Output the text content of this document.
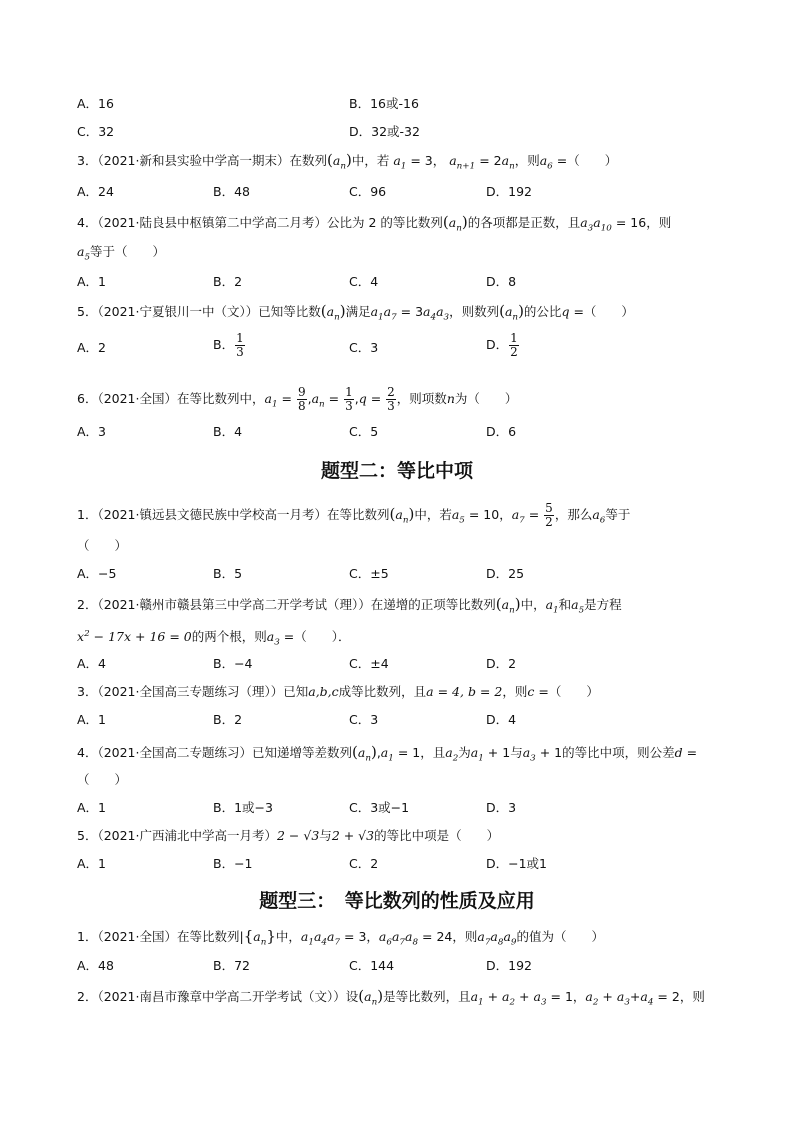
A．16	B．16或-16
C．32	D．32或-32
3．（2021·新和县实验中学高一期末）在数列$(a_n)$中，若 $a_1 = 3$， $a_{n+1} = 2a_n$，则$a_6$ =（　　）
A．24	B．48	C．96	D．192
4．（2021·陆良县中枢镇第二中学高二月考）公比为 2 的等比数列$(a_n)$的各项都是正数，且$a_3a_{10} = 16$，则
$a_5$等于（　　）
A．1	B．2	C．4	D．8
5．（2021·宁夏银川一中（文））已知等比数$(a_n)$满足$a_1a_7 = 3a_4a_3$，则数列$(a_n)$的公比q =（　　）
A．2	B． $\frac{1}{3}$	C．3	D． $\frac{1}{2}$
6．（2021·全国）在等比数列中，$a_1 = \frac{9}{8} ,a_n = \frac{1}{3} ,q = \frac{2}{3}$ ，则项数n为（　　）
A．3	B．4	C．5	D．6
题型二：等比中项
1．（2021·镇远县文德民族中学校高一月考）在等比数列$(a_n)$中，若$a_5 = 10$，$a_7 = \frac{5}{2}$ ，那么$a_6$等于
（　　）
A．−5	B．5	C．±5	D．25
2．（2021·赣州市赣县第三中学高二开学考试（理））在递增的正项等比数列$(a_n)$中，$a_1$和$a_5$是方程
$x^2 - 17x + 16 = 0$的两个根，则$a_3$ =（　　）．
A．4	B．−4	C．±4	D．2
3．（2021·全国高三专题练习（理））已知a,b,c成等比数列，且a = 4, b = 2，则c =（　　）
A．1	B．2	C．3	D．4
4．（2021·全国高二专题练习）已知递增等差数列$(a_n),a_1 = 1$，且$a_2$为$a_1 + 1$与$a_3 + 1$的等比中项，则公差d =
（　　）
A．1	B．1或−3	C．3或−1	D．3
5．（2021·广西浦北中学高一月考）2 − √3与2 + √3的等比中项是（　　）
A．1	B．−1	C．2	D．−1或1
题型三：　等比数列的性质及应用
1．（2021·全国）在等比数列$|\{a_n\}$中，$a_1a_4a_7 = 3$，$a_6a_7a_8 = 24$，则$a_7a_8a_9$的值为（　　）
A．48	B．72	C．144	D．192
2．（2021·南昌市豫章中学高二开学考试（文））设$(a_n)$是等比数列，且$a_1 + a_2 + a_3 = 1$，$a_2 + a_3+a_4 = 2$，则
